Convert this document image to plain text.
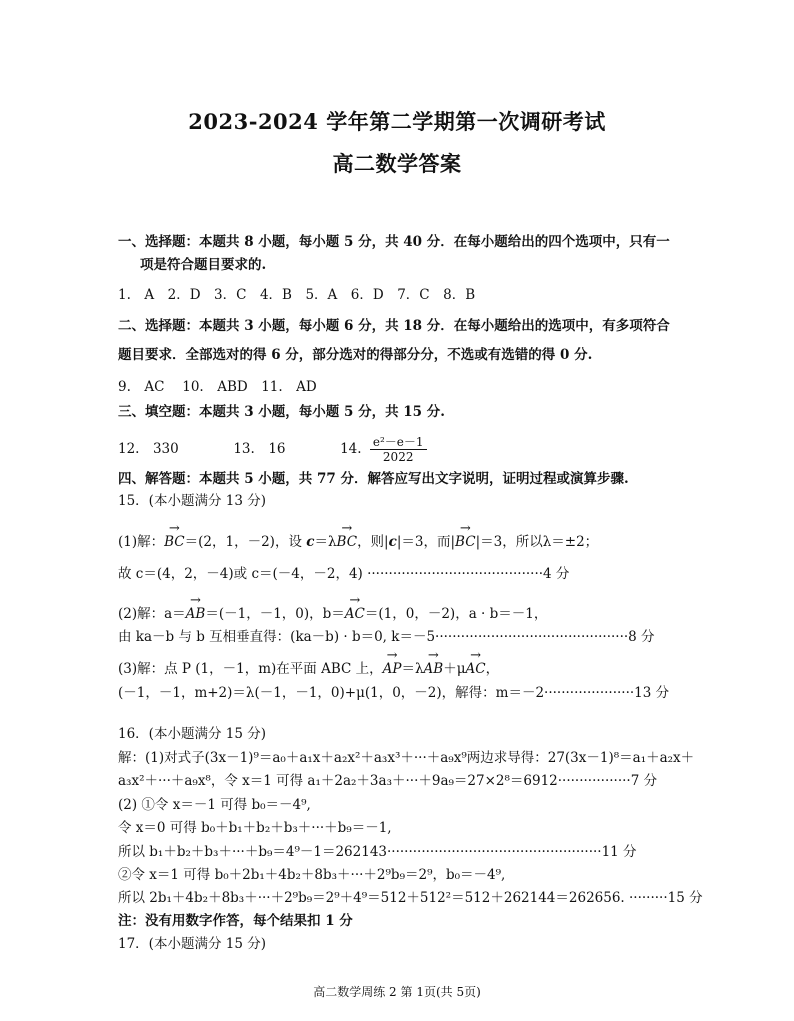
2023-2024 学年第二学期第一次调研考试
高二数学答案
一、选择题：本题共 8 小题，每小题 5 分，共 40 分．在每小题给出的四个选项中，只有一
项是符合题目要求的.
1.　A　2．D　3．C　4．B　5．A　6．D　7．C　8．B
二、选择题：本题共 3 小题，每小题 6 分，共 18 分．在每小题给出的选项中，有多项符合
题目要求．全部选对的得 6 分，部分选对的得部分分，不选或有选错的得 0 分.
9.　AC　 10.　ABD　11.　AD
三、填空题：本题共 3 小题，每小题 5 分，共 15 分.
12.　330	13.　16	14. $\frac{\text{e²－e－1}}{2022}$
四、解答题：本题共 5 小题，共 77 分．解答应写出文字说明，证明过程或演算步骤.
15．(本小题满分 13 分)
(1)解：→ BC＝(2，1，－2)，设 c＝λ→ BC，则|c|＝3，而|→ BC|＝3，所以λ＝±2；
故 c＝(4，2，－4)或 c＝(－4，－2，4) ·········································4 分
(2)解：a＝→ AB＝(－1，－1，0)，b＝→ AC＝(1，0，－2)，a · b＝－1，
由 ka－b 与 b 互相垂直得：(ka－b) · b＝0, k＝－5·············································8 分
(3)解：点 P (1，－1，m)在平面 ABC 上，→ AP＝λ→ AB＋μ→ AC，
(－1，－1，m+2)＝λ(－1，－1，0)+μ(1，0，－2)，解得：m＝－2·····················13 分
16．(本小题满分 15 分)
解：(1)对式子(3x－1)⁹＝a₀＋a₁x＋a₂x²＋a₃x³＋···＋a₉x⁹两边求导得：27(3x－1)⁸＝a₁＋a₂x＋
a₃x²＋···＋a₉x⁸，令 x＝1 可得 a₁＋2a₂＋3a₃＋···＋9a₉＝27×2⁸＝6912·················7 分
(2) ①令 x＝－1 可得 b₀＝－4⁹,
令 x＝0 可得 b₀＋b₁＋b₂＋b₃＋···＋b₉＝－1,
所以 b₁＋b₂＋b₃＋···＋b₉＝4⁹－1＝262143··················································11 分
②令 x＝1 可得 b₀＋2b₁＋4b₂＋8b₃＋···＋2⁹b₉＝2⁹，b₀＝－4⁹,
所以 2b₁＋4b₂＋8b₃＋···＋2⁹b₉＝2⁹＋4⁹＝512＋512²＝512＋262144＝262656. ·········15 分
注：没有用数字作答，每个结果扣 1 分
17．(本小题满分 15 分)
高二数学周练 2 第 1页(共 5页)
